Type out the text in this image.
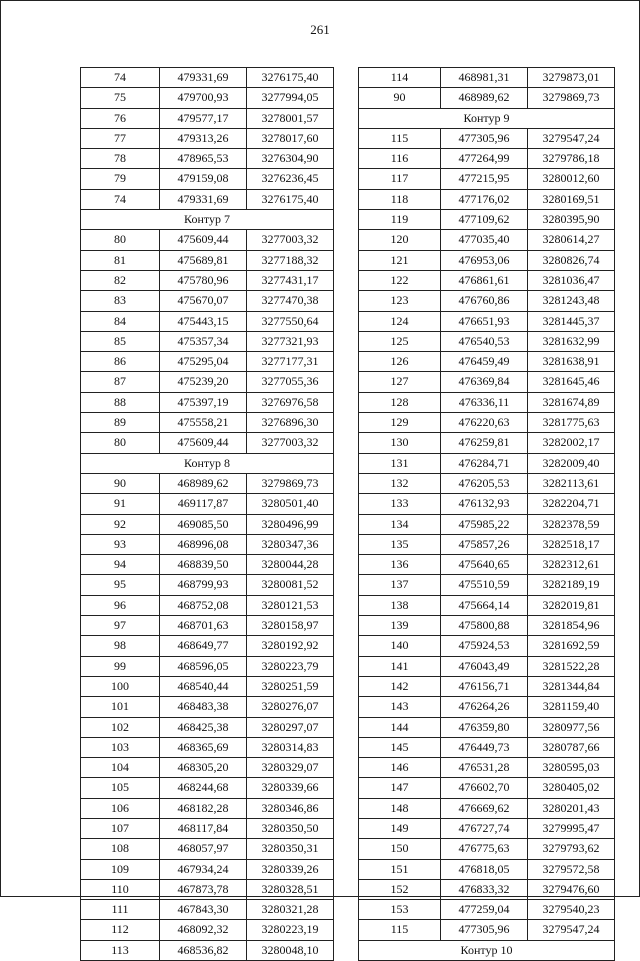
261
74	479331,69	3276175,40
75	479700,93	3277994,05
76	479577,17	3278001,57
77	479313,26	3278017,60
78	478965,53	3276304,90
79	479159,08	3276236,45
74	479331,69	3276175,40
Контур 7		
80	475609,44	3277003,32
81	475689,81	3277188,32
82	475780,96	3277431,17
83	475670,07	3277470,38
84	475443,15	3277550,64
85	475357,34	3277321,93
86	475295,04	3277177,31
87	475239,20	3277055,36
88	475397,19	3276976,58
89	475558,21	3276896,30
80	475609,44	3277003,32
Контур 8		
90	468989,62	3279869,73
91	469117,87	3280501,40
92	469085,50	3280496,99
93	468996,08	3280347,36
94	468839,50	3280044,28
95	468799,93	3280081,52
96	468752,08	3280121,53
97	468701,63	3280158,97
98	468649,77	3280192,92
99	468596,05	3280223,79
100	468540,44	3280251,59
101	468483,38	3280276,07
102	468425,38	3280297,07
103	468365,69	3280314,83
104	468305,20	3280329,07
105	468244,68	3280339,66
106	468182,28	3280346,86
107	468117,84	3280350,50
108	468057,97	3280350,31
109	467934,24	3280339,26
110	467873,78	3280328,51
111	467843,30	3280321,28
112	468092,32	3280223,19
113	468536,82	3280048,10
114	468981,31	3279873,01
90	468989,62	3279869,73
Контур 9		
115	477305,96	3279547,24
116	477264,99	3279786,18
117	477215,95	3280012,60
118	477176,02	3280169,51
119	477109,62	3280395,90
120	477035,40	3280614,27
121	476953,06	3280826,74
122	476861,61	3281036,47
123	476760,86	3281243,48
124	476651,93	3281445,37
125	476540,53	3281632,99
126	476459,49	3281638,91
127	476369,84	3281645,46
128	476336,11	3281674,89
129	476220,63	3281775,63
130	476259,81	3282002,17
131	476284,71	3282009,40
132	476205,53	3282113,61
133	476132,93	3282204,71
134	475985,22	3282378,59
135	475857,26	3282518,17
136	475640,65	3282312,61
137	475510,59	3282189,19
138	475664,14	3282019,81
139	475800,88	3281854,96
140	475924,53	3281692,59
141	476043,49	3281522,28
142	476156,71	3281344,84
143	476264,26	3281159,40
144	476359,80	3280977,56
145	476449,73	3280787,66
146	476531,28	3280595,03
147	476602,70	3280405,02
148	476669,62	3280201,43
149	476727,74	3279995,47
150	476775,63	3279793,62
151	476818,05	3279572,58
152	476833,32	3279476,60
153	477259,04	3279540,23
115	477305,96	3279547,24
Контур 10		
